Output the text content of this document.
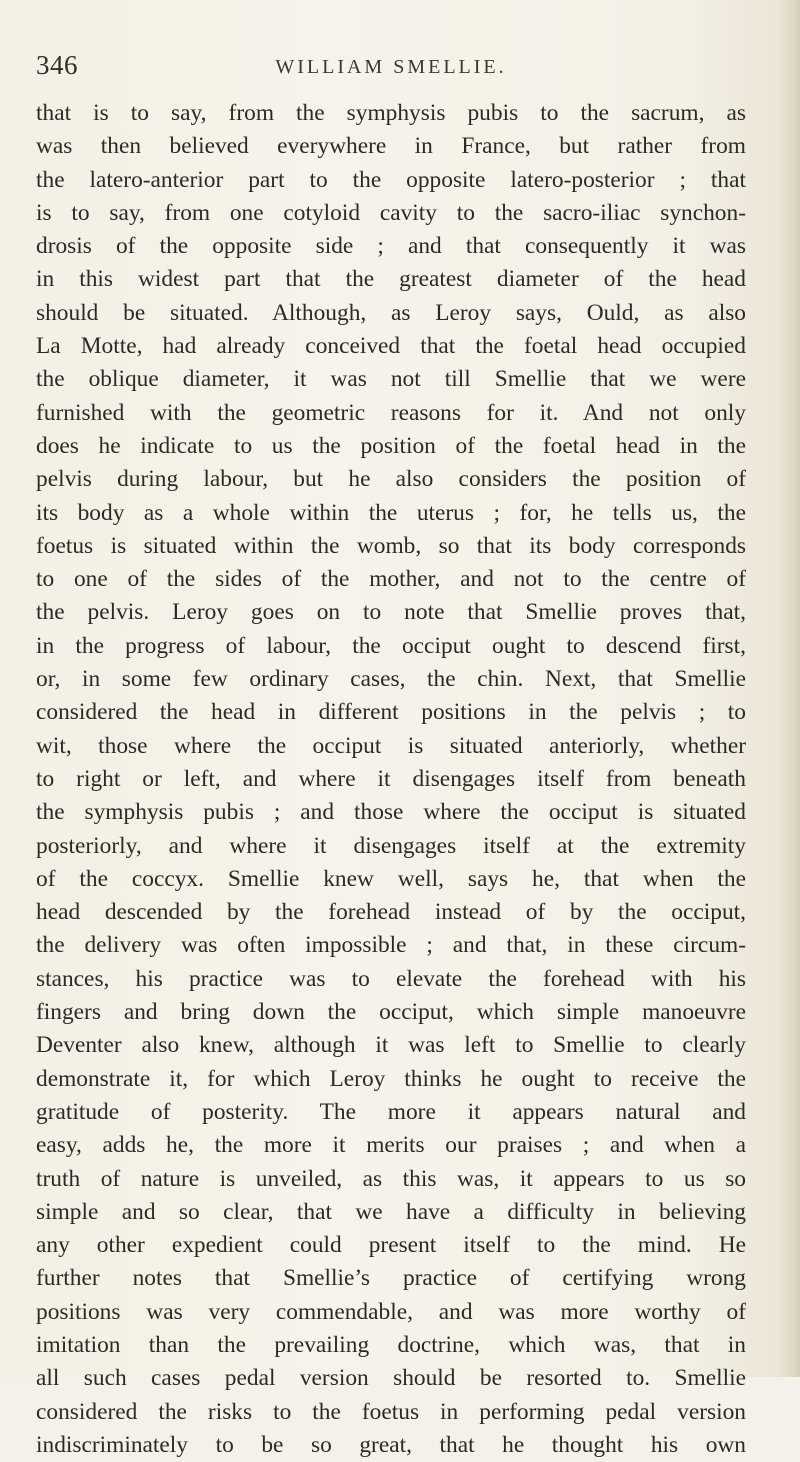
346	WILLIAM SMELLIE.
that is to say, from the symphysis pubis to the sacrum, as
was then believed everywhere in France, but rather from
the latero-anterior part to the opposite latero-posterior ; that
is to say, from one cotyloid cavity to the sacro-iliac synchon-
drosis of the opposite side ; and that consequently it was
in this widest part that the greatest diameter of the head
should be situated. Although, as Leroy says, Ould, as also
La Motte, had already conceived that the foetal head occupied
the oblique diameter, it was not till Smellie that we were
furnished with the geometric reasons for it. And not only
does he indicate to us the position of the foetal head in the
pelvis during labour, but he also considers the position of
its body as a whole within the uterus ; for, he tells us, the
foetus is situated within the womb, so that its body corresponds
to one of the sides of the mother, and not to the centre of
the pelvis. Leroy goes on to note that Smellie proves that,
in the progress of labour, the occiput ought to descend first,
or, in some few ordinary cases, the chin. Next, that Smellie
considered the head in different positions in the pelvis ; to
wit, those where the occiput is situated anteriorly, whether
to right or left, and where it disengages itself from beneath
the symphysis pubis ; and those where the occiput is situated
posteriorly, and where it disengages itself at the extremity
of the coccyx. Smellie knew well, says he, that when the
head descended by the forehead instead of by the occiput,
the delivery was often impossible ; and that, in these circum-
stances, his practice was to elevate the forehead with his
fingers and bring down the occiput, which simple manoeuvre
Deventer also knew, although it was left to Smellie to clearly
demonstrate it, for which Leroy thinks he ought to receive the
gratitude of posterity. The more it appears natural and
easy, adds he, the more it merits our praises ; and when a
truth of nature is unveiled, as this was, it appears to us so
simple and so clear, that we have a difficulty in believing
any other expedient could present itself to the mind. He
further notes that Smellie’s practice of certifying wrong
positions was very commendable, and was more worthy of
imitation than the prevailing doctrine, which was, that in
all such cases pedal version should be resorted to. Smellie
considered the risks to the foetus in performing pedal version
indiscriminately to be so great, that he thought his own
